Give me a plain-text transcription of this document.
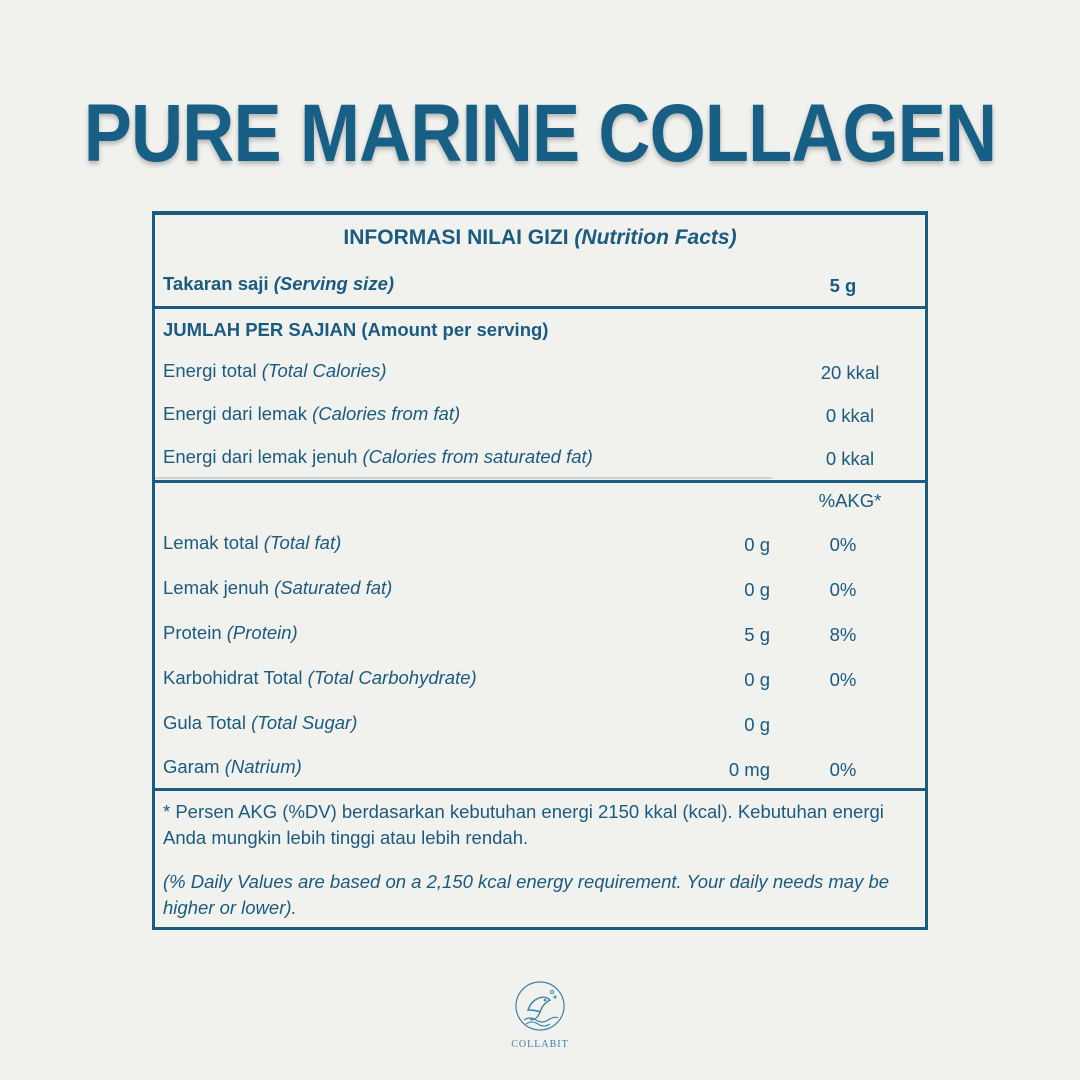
PURE MARINE COLLAGEN
INFORMASI NILAI GIZI (Nutrition Facts)
Takaran saji (Serving size)	5 g
JUMLAH PER SAJIAN (Amount per serving)
Energi total (Total Calories)	20 kkal
Energi dari lemak (Calories from fat)	0 kkal
Energi dari lemak jenuh (Calories from saturated fat)	0 kkal
%AKG*
Lemak total (Total fat)	0 g	0%
Lemak jenuh (Saturated fat)	0 g	0%
Protein (Protein)	5 g	8%
Karbohidrat Total (Total Carbohydrate)	0 g	0%
Gula Total (Total Sugar)	0 g
Garam (Natrium)	0 mg	0%
* Persen AKG (%DV) berdasarkan kebutuhan energi 2150 kkal (kcal). Kebutuhan energi Anda mungkin lebih tinggi atau lebih rendah.
(% Daily Values are based on a 2,150 kcal energy requirement. Your daily needs may be higher or lower).
COLLABIT
